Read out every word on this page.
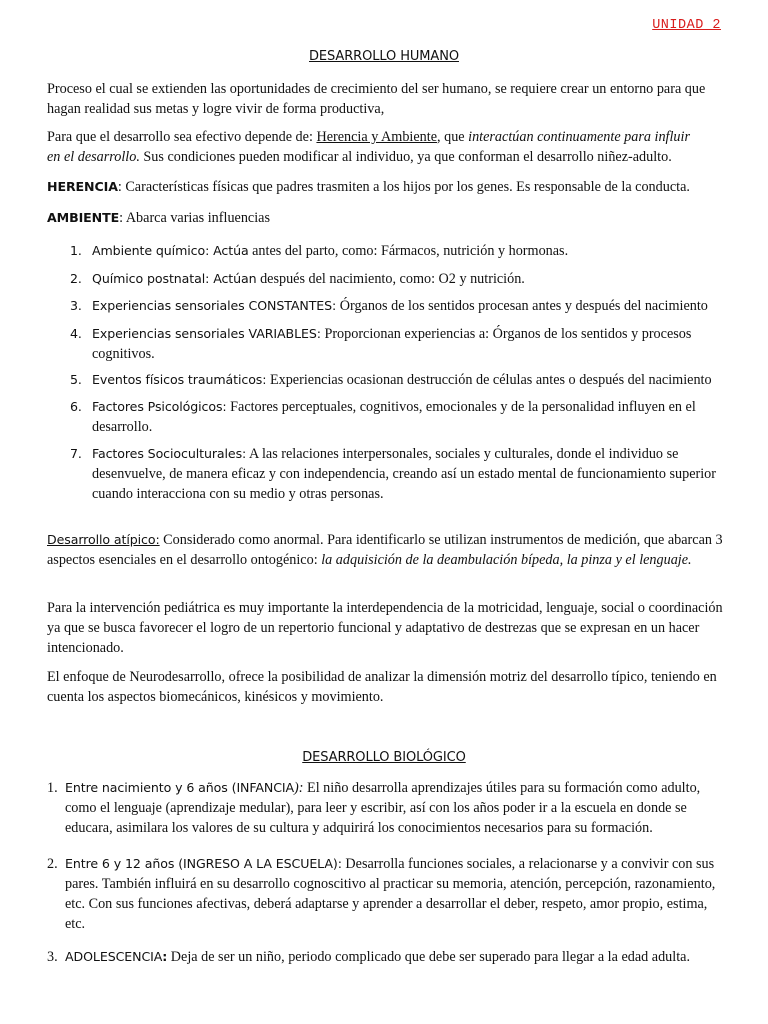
UNIDAD 2
DESARROLLO HUMANO

Proceso el cual se extienden las oportunidades de crecimiento del ser humano, se requiere crear un entorno para que hagan realidad sus metas y logre vivir de forma productiva,

Para que el desarrollo sea efectivo depende de: Herencia y Ambiente, que interactúan continuamente para influir
en el desarrollo. Sus condiciones pueden modificar al individuo, ya que conforman el desarrollo niñez-adulto.

HERENCIA: Características físicas que padres trasmiten a los hijos por los genes. Es responsable de la conducta.

AMBIENTE: Abarca varias influencias

1. Ambiente químico: Actúa antes del parto, como: Fármacos, nutrición y hormonas.

2. Químico postnatal: Actúan después del nacimiento, como: O2 y nutrición.

3. Experiencias sensoriales CONSTANTES: Órganos de los sentidos procesan antes y después del nacimiento

4. Experiencias sensoriales VARIABLES: Proporcionan experiencias a: Órganos de los sentidos y procesos cognitivos.

5. Eventos físicos traumáticos: Experiencias ocasionan destrucción de células antes o después del nacimiento

6. Factores Psicológicos: Factores perceptuales, cognitivos, emocionales y de la personalidad influyen en el desarrollo.

7. Factores Socioculturales: A las relaciones interpersonales, sociales y culturales, donde el individuo se desenvuelve, de manera eficaz y con independencia, creando así un estado mental de funcionamiento superior cuando interacciona con su medio y otras personas.

Desarrollo atípico: Considerado como anormal. Para identificarlo se utilizan instrumentos de medición, que abarcan 3 aspectos esenciales en el desarrollo ontogénico: la adquisición de la deambulación bípeda, la pinza y el lenguaje.

Para la intervención pediátrica es muy importante la interdependencia de la motricidad, lenguaje, social o coordinación ya que se busca favorecer el logro de un repertorio funcional y adaptativo de destrezas que se expresan en un hacer intencionado.

El enfoque de Neurodesarrollo, ofrece la posibilidad de analizar la dimensión motriz del desarrollo típico, teniendo en cuenta los aspectos biomecánicos, kinésicos y movimiento.

DESARROLLO BIOLÓGICO

1. Entre nacimiento y 6 años (INFANCIA): El niño desarrolla aprendizajes útiles para su formación como adulto, como el lenguaje (aprendizaje medular), para leer y escribir, así con los años poder ir a la escuela en donde se educara, asimilara los valores de su cultura y adquirirá los conocimientos necesarios para su formación.

2. Entre 6 y 12 años (INGRESO A LA ESCUELA): Desarrolla funciones sociales, a relacionarse y a convivir con sus pares. También influirá en su desarrollo cognoscitivo al practicar su memoria, atención, percepción, razonamiento, etc. Con sus funciones afectivas, deberá adaptarse y aprender a desarrollar el deber, respeto, amor propio, estima, etc.

3. ADOLESCENCIA: Deja de ser un niño, periodo complicado que debe ser superado para llegar a la edad adulta.
